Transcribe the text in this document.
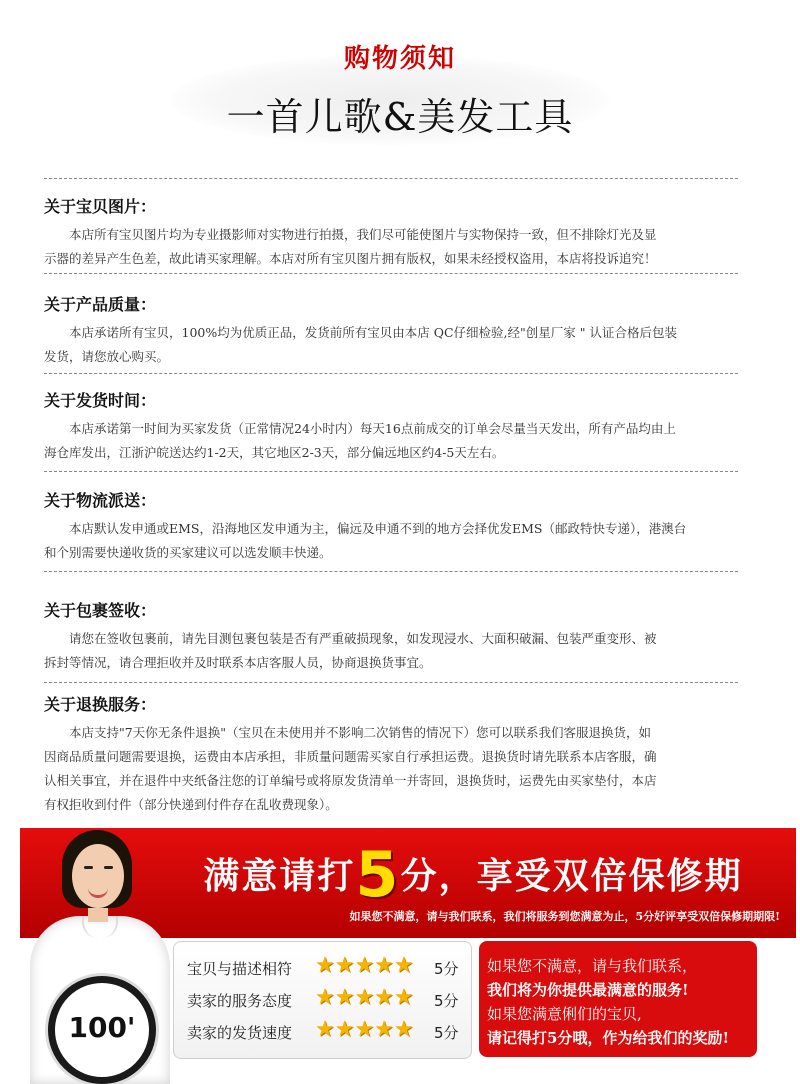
购物须知
一首儿歌&美发工具

关于宝贝图片：

本店所有宝贝图片均为专业摄影师对实物进行拍摄，我们尽可能使图片与实物保持一致，但不排除灯光及显
示器的差异产生色差，故此请买家理解。本店对所有宝贝图片拥有版权，如果未经授权盗用，本店将投诉追究！

关于产品质量：

本店承诺所有宝贝，100%均为优质正品，发货前所有宝贝由本店 QC仔细检验,经"创星厂家 " 认证合格后包装
发货，请您放心购买。

关于发货时间：

本店承诺第一时间为买家发货（正常情况24小时内）每天16点前成交的订单会尽量当天发出，所有产品均由上
海仓库发出，江浙沪皖送达约1-2天，其它地区2-3天，部分偏远地区约4-5天左右。

关于物流派送：

本店默认发申通或EMS，沿海地区发申通为主，偏远及申通不到的地方会择优发EMS（邮政特快专递），港澳台
和个别需要快递收货的买家建议可以选发顺丰快递。

关于包裹签收：

请您在签收包裹前，请先目测包裹包装是否有严重破损现象，如发现浸水、大面积破漏、包装严重变形、被
拆封等情况，请合理拒收并及时联系本店客服人员，协商退换货事宜。

关于退换服务：

本店支持"7天你无条件退换"（宝贝在未使用并不影响二次销售的情况下）您可以联系我们客服退换货，如
因商品质量问题需要退换，运费由本店承担，非质量问题需买家自行承担运费。退换货时请先联系本店客服，确
认相关事宜，并在退件中夹纸备注您的订单编号或将原发货清单一并寄回，退换货时，运费先由买家垫付，本店
有权拒收到付件（部分快递到付件存在乱收费现象）。

满意请打5分，享受双倍保修期
如果您不满意，请与我们联系，我们将服务到您满意为止，5分好评享受双倍保修期期限!
100'
宝贝与描述相符 ★★★★★ 5分
卖家的服务态度 ★★★★★ 5分
卖家的发货速度 ★★★★★ 5分
如果您不满意，请与我们联系，
我们将为你提供最满意的服务!
如果您满意俐们的宝贝,
请记得打5分哦，作为给我们的奖励!
